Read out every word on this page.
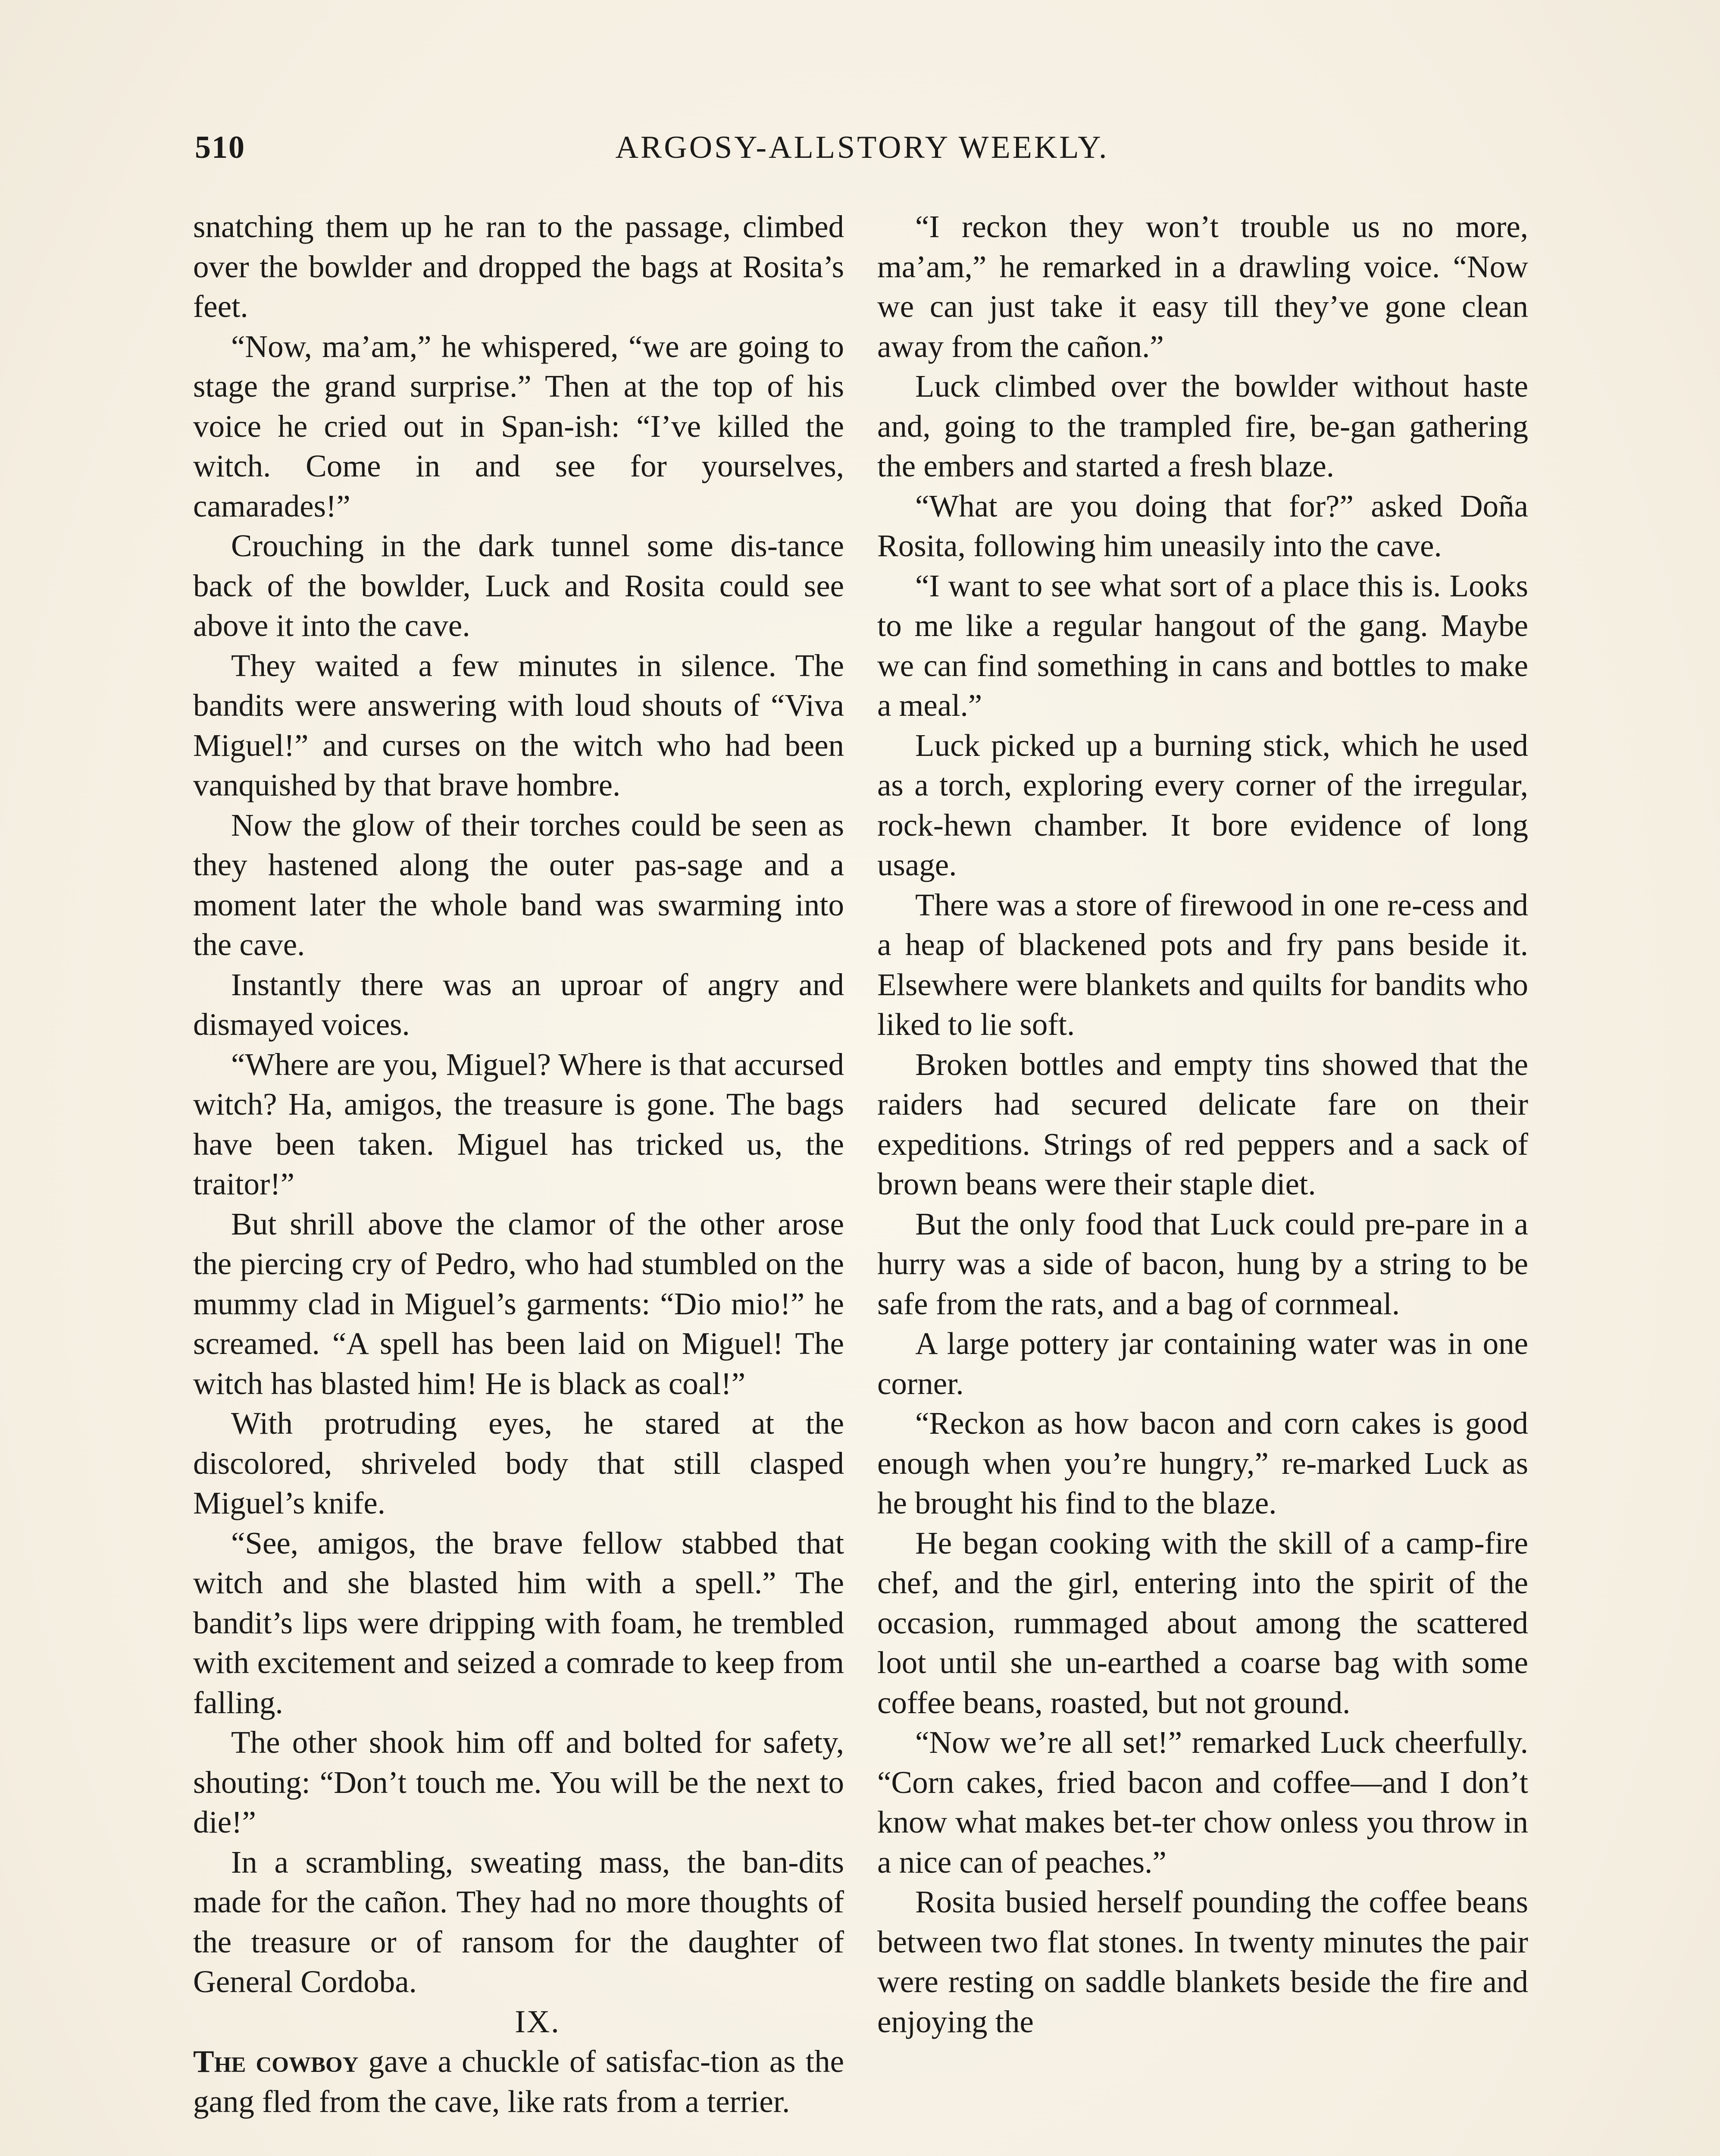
510	ARGOSY-ALLSTORY WEEKLY.

snatching them up he ran to the passage, climbed over the bowlder and dropped the bags at Rosita’s feet.

“Now, ma’am,” he whispered, “we are going to stage the grand surprise.” Then at the top of his voice he cried out in Span-ish: “I’ve killed the witch. Come in and see for yourselves, camarades!”

Crouching in the dark tunnel some dis-tance back of the bowlder, Luck and Rosita could see above it into the cave.

They waited a few minutes in silence. The bandits were answering with loud shouts of “Viva Miguel!” and curses on the witch who had been vanquished by that brave hombre.

Now the glow of their torches could be seen as they hastened along the outer pas-sage and a moment later the whole band was swarming into the cave.

Instantly there was an uproar of angry and dismayed voices.

“Where are you, Miguel? Where is that accursed witch? Ha, amigos, the treasure is gone. The bags have been taken. Miguel has tricked us, the traitor!”

But shrill above the clamor of the other arose the piercing cry of Pedro, who had stumbled on the mummy clad in Miguel’s garments: “Dio mio!” he screamed. “A spell has been laid on Miguel! The witch has blasted him! He is black as coal!”

With protruding eyes, he stared at the discolored, shriveled body that still clasped Miguel’s knife.

“See, amigos, the brave fellow stabbed that witch and she blasted him with a spell.” The bandit’s lips were dripping with foam, he trembled with excitement and seized a comrade to keep from falling.

The other shook him off and bolted for safety, shouting: “Don’t touch me. You will be the next to die!”

In a scrambling, sweating mass, the ban-dits made for the cañon. They had no more thoughts of the treasure or of ransom for the daughter of General Cordoba.

IX.

The cowboy gave a chuckle of satisfac-tion as the gang fled from the cave, like rats from a terrier.

“I reckon they won’t trouble us no more, ma’am,” he remarked in a drawling voice. “Now we can just take it easy till they’ve gone clean away from the cañon.”

Luck climbed over the bowlder without haste and, going to the trampled fire, be-gan gathering the embers and started a fresh blaze.

“What are you doing that for?” asked Doña Rosita, following him uneasily into the cave.

“I want to see what sort of a place this is. Looks to me like a regular hangout of the gang. Maybe we can find something in cans and bottles to make a meal.”

Luck picked up a burning stick, which he used as a torch, exploring every corner of the irregular, rock-hewn chamber. It bore evidence of long usage.

There was a store of firewood in one re-cess and a heap of blackened pots and fry pans beside it. Elsewhere were blankets and quilts for bandits who liked to lie soft.

Broken bottles and empty tins showed that the raiders had secured delicate fare on their expeditions. Strings of red peppers and a sack of brown beans were their staple diet.

But the only food that Luck could pre-pare in a hurry was a side of bacon, hung by a string to be safe from the rats, and a bag of cornmeal.

A large pottery jar containing water was in one corner.

“Reckon as how bacon and corn cakes is good enough when you’re hungry,” re-marked Luck as he brought his find to the blaze.

He began cooking with the skill of a camp-fire chef, and the girl, entering into the spirit of the occasion, rummaged about among the scattered loot until she un-earthed a coarse bag with some coffee beans, roasted, but not ground.

“Now we’re all set!” remarked Luck cheerfully. “Corn cakes, fried bacon and coffee—and I don’t know what makes bet-ter chow onless you throw in a nice can of peaches.”

Rosita busied herself pounding the coffee beans between two flat stones. In twenty minutes the pair were resting on saddle blankets beside the fire and enjoying the
